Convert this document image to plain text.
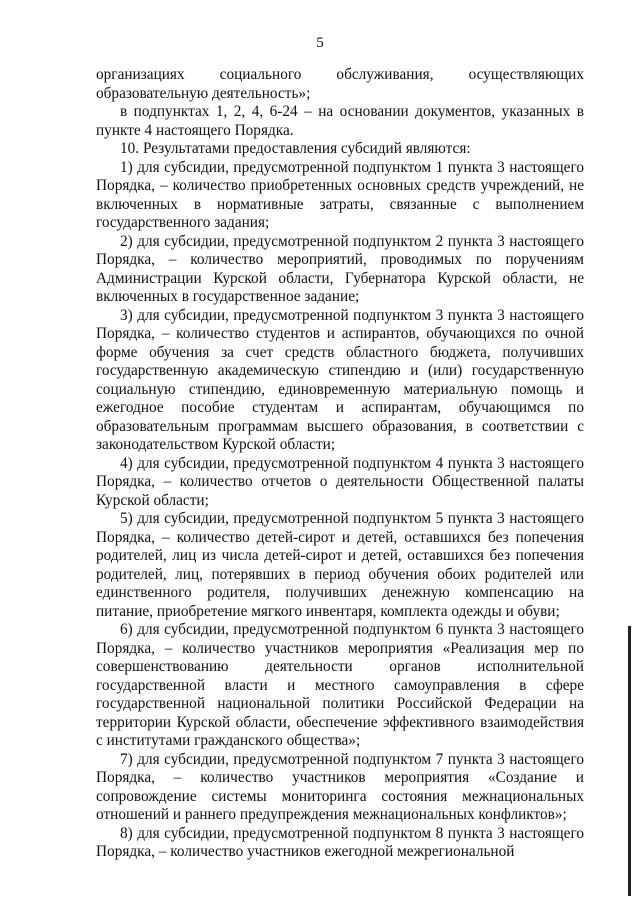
5

организациях социального обслуживания, осуществляющих образовательную деятельность»;

в подпунктах 1, 2, 4, 6-24 – на основании документов, указанных в пункте 4 настоящего Порядка.

10. Результатами предоставления субсидий являются:

1) для субсидии, предусмотренной подпунктом 1 пункта 3 настоящего Порядка, – количество приобретенных основных средств учреждений, не включенных в нормативные затраты, связанные с выполнением государственного задания;

2) для субсидии, предусмотренной подпунктом 2 пункта 3 настоящего Порядка, – количество мероприятий, проводимых по поручениям Администрации Курской области, Губернатора Курской области, не включенных в государственное задание;

3) для субсидии, предусмотренной подпунктом 3 пункта 3 настоящего Порядка, – количество студентов и аспирантов, обучающихся по очной форме обучения за счет средств областного бюджета, получивших государственную академическую стипендию и (или) государственную социальную стипендию, единовременную материальную помощь и ежегодное пособие студентам и аспирантам, обучающимся по образовательным программам высшего образования, в соответствии с законодательством Курской области;

4) для субсидии, предусмотренной подпунктом 4 пункта 3 настоящего Порядка, – количество отчетов о деятельности Общественной палаты Курской области;

5) для субсидии, предусмотренной подпунктом 5 пункта 3 настоящего Порядка, – количество детей-сирот и детей, оставшихся без попечения родителей, лиц из числа детей-сирот и детей, оставшихся без попечения родителей, лиц, потерявших в период обучения обоих родителей или единственного родителя, получивших денежную компенсацию на питание, приобретение мягкого инвентаря, комплекта одежды и обуви;

6) для субсидии, предусмотренной подпунктом 6 пункта 3 настоящего Порядка, – количество участников мероприятия «Реализация мер по совершенствованию деятельности органов исполнительной государственной власти и местного самоуправления в сфере государственной национальной политики Российской Федерации на территории Курской области, обеспечение эффективного взаимодействия с институтами гражданского общества»;

7) для субсидии, предусмотренной подпунктом 7 пункта 3 настоящего Порядка, – количество участников мероприятия «Создание и сопровождение системы мониторинга состояния межнациональных отношений и раннего предупреждения межнациональных конфликтов»;

8) для субсидии, предусмотренной подпунктом 8 пункта 3 настоящего Порядка, – количество участников ежегодной межрегиональной
